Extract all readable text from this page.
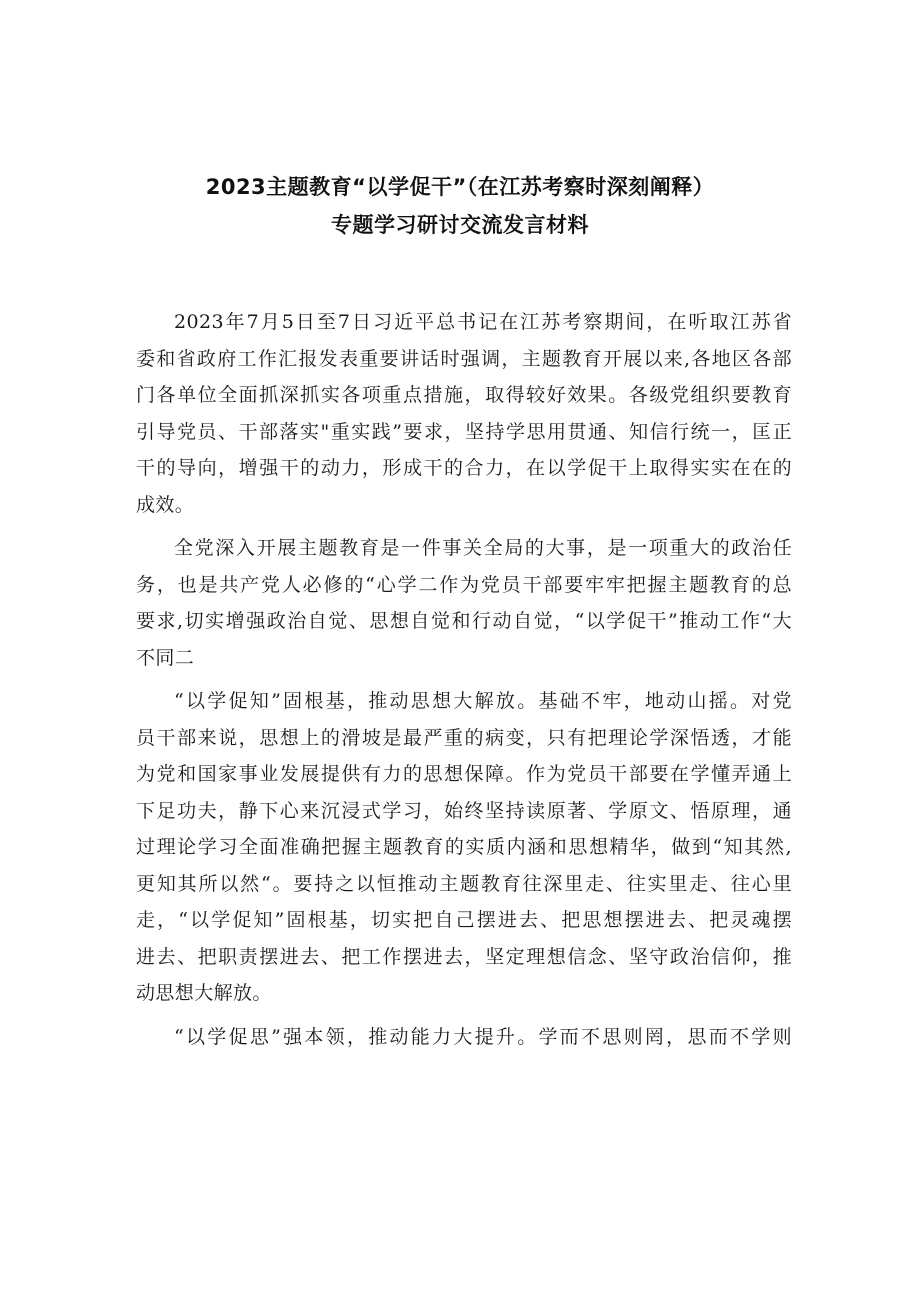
2023主题教育“以学促干”（在江苏考察时深刻阐释）
专题学习研讨交流发言材料

2023年7月5日至7日习近平总书记在江苏考察期间，在听取江苏省
委和省政府工作汇报发表重要讲话时强调，主题教育开展以来,各地区各部
门各单位全面抓深抓实各项重点措施，取得较好效果。各级党组织要教育
引导党员、干部落实"重实践”要求，坚持学思用贯通、知信行统一，匡正
干的导向，增强干的动力，形成干的合力，在以学促干上取得实实在在的
成效。

全党深入开展主题教育是一件事关全局的大事，是一项重大的政治任
务，也是共产党人必修的“心学二作为党员干部要牢牢把握主题教育的总
要求,切实增强政治自觉、思想自觉和行动自觉，“以学促干”推动工作“大
不同二

“以学促知”固根基，推动思想大解放。基础不牢，地动山摇。对党
员干部来说，思想上的滑坡是最严重的病变，只有把理论学深悟透，才能
为党和国家事业发展提供有力的思想保障。作为党员干部要在学懂弄通上
下足功夫，静下心来沉浸式学习，始终坚持读原著、学原文、悟原理，通
过理论学习全面准确把握主题教育的实质内涵和思想精华，做到“知其然,
更知其所以然“。要持之以恒推动主题教育往深里走、往实里走、往心里
走，“以学促知”固根基，切实把自己摆进去、把思想摆进去、把灵魂摆
进去、把职责摆进去、把工作摆进去，坚定理想信念、坚守政治信仰，推
动思想大解放。

“以学促思”强本领，推动能力大提升。学而不思则罔，思而不学则
